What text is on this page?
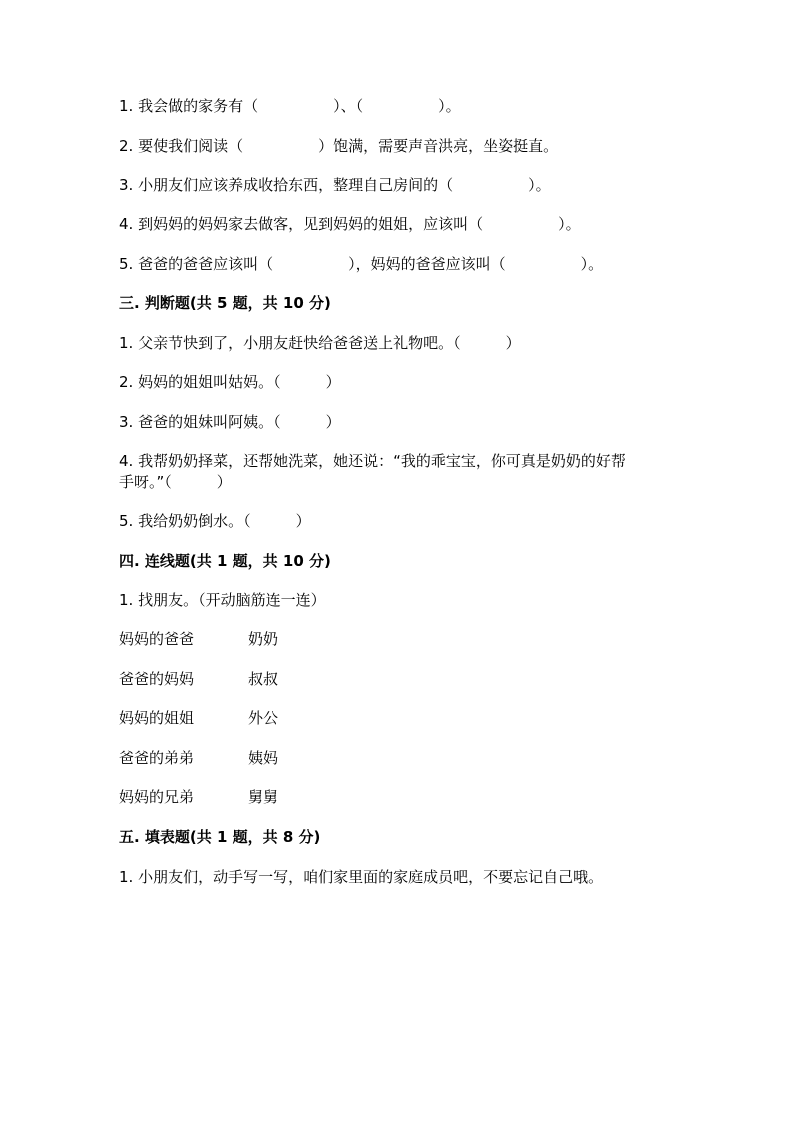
1. 我会做的家务有（　　　　　）、（　　　　　）。
2. 要使我们阅读（　　　　　）饱满，需要声音洪亮，坐姿挺直。
3. 小朋友们应该养成收拾东西，整理自己房间的（　　　　　）。
4. 到妈妈的妈妈家去做客，见到妈妈的姐姐，应该叫（　　　　　）。
5. 爸爸的爸爸应该叫（　　　　　），妈妈的爸爸应该叫（　　　　　）。
三. 判断题(共 5 题，共 10 分)
1. 父亲节快到了，小朋友赶快给爸爸送上礼物吧。（　　　）
2. 妈妈的姐姐叫姑妈。（　　　）
3. 爸爸的姐妹叫阿姨。（　　　）
4. 我帮奶奶择菜，还帮她洗菜，她还说：“我的乖宝宝，你可真是奶奶的好帮
手呀。”（　　　）
5. 我给奶奶倒水。（　　　）
四. 连线题(共 1 题，共 10 分)
1. 找朋友。（开动脑筋连一连）
妈妈的爸爸	奶奶
爸爸的妈妈	叔叔
妈妈的姐姐	外公
爸爸的弟弟	姨妈
妈妈的兄弟	舅舅
五. 填表题(共 1 题，共 8 分)
1. 小朋友们，动手写一写，咱们家里面的家庭成员吧，不要忘记自己哦。
